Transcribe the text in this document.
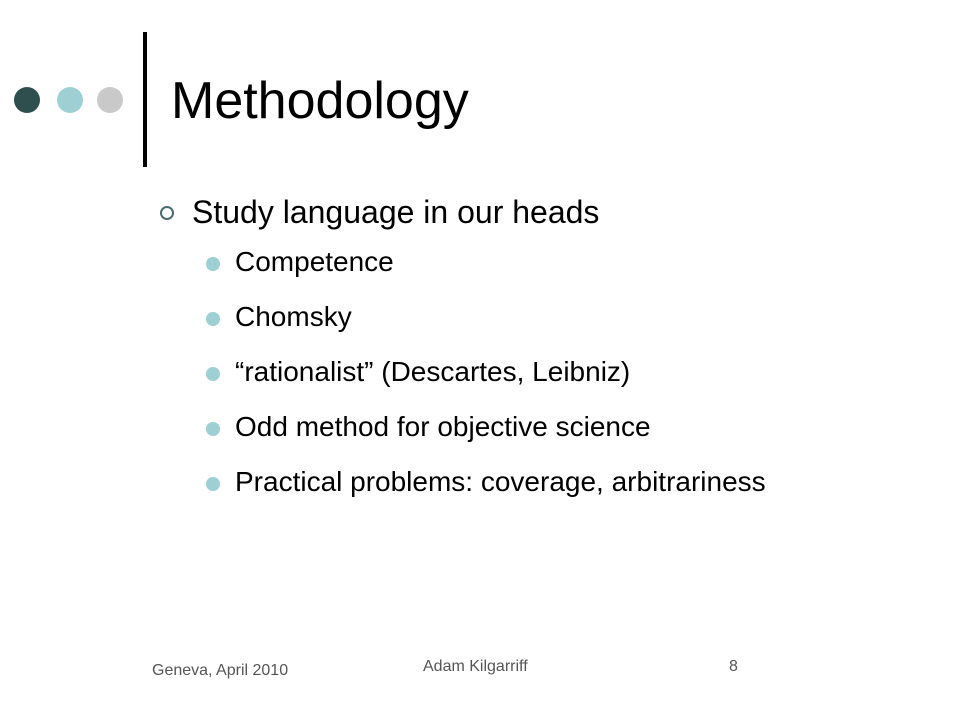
Methodology
Study language in our heads
Competence
Chomsky
“rationalist” (Descartes, Leibniz)
Odd method for objective science
Practical problems: coverage, arbitrariness
Geneva, April 2010	Adam Kilgarriff	8
